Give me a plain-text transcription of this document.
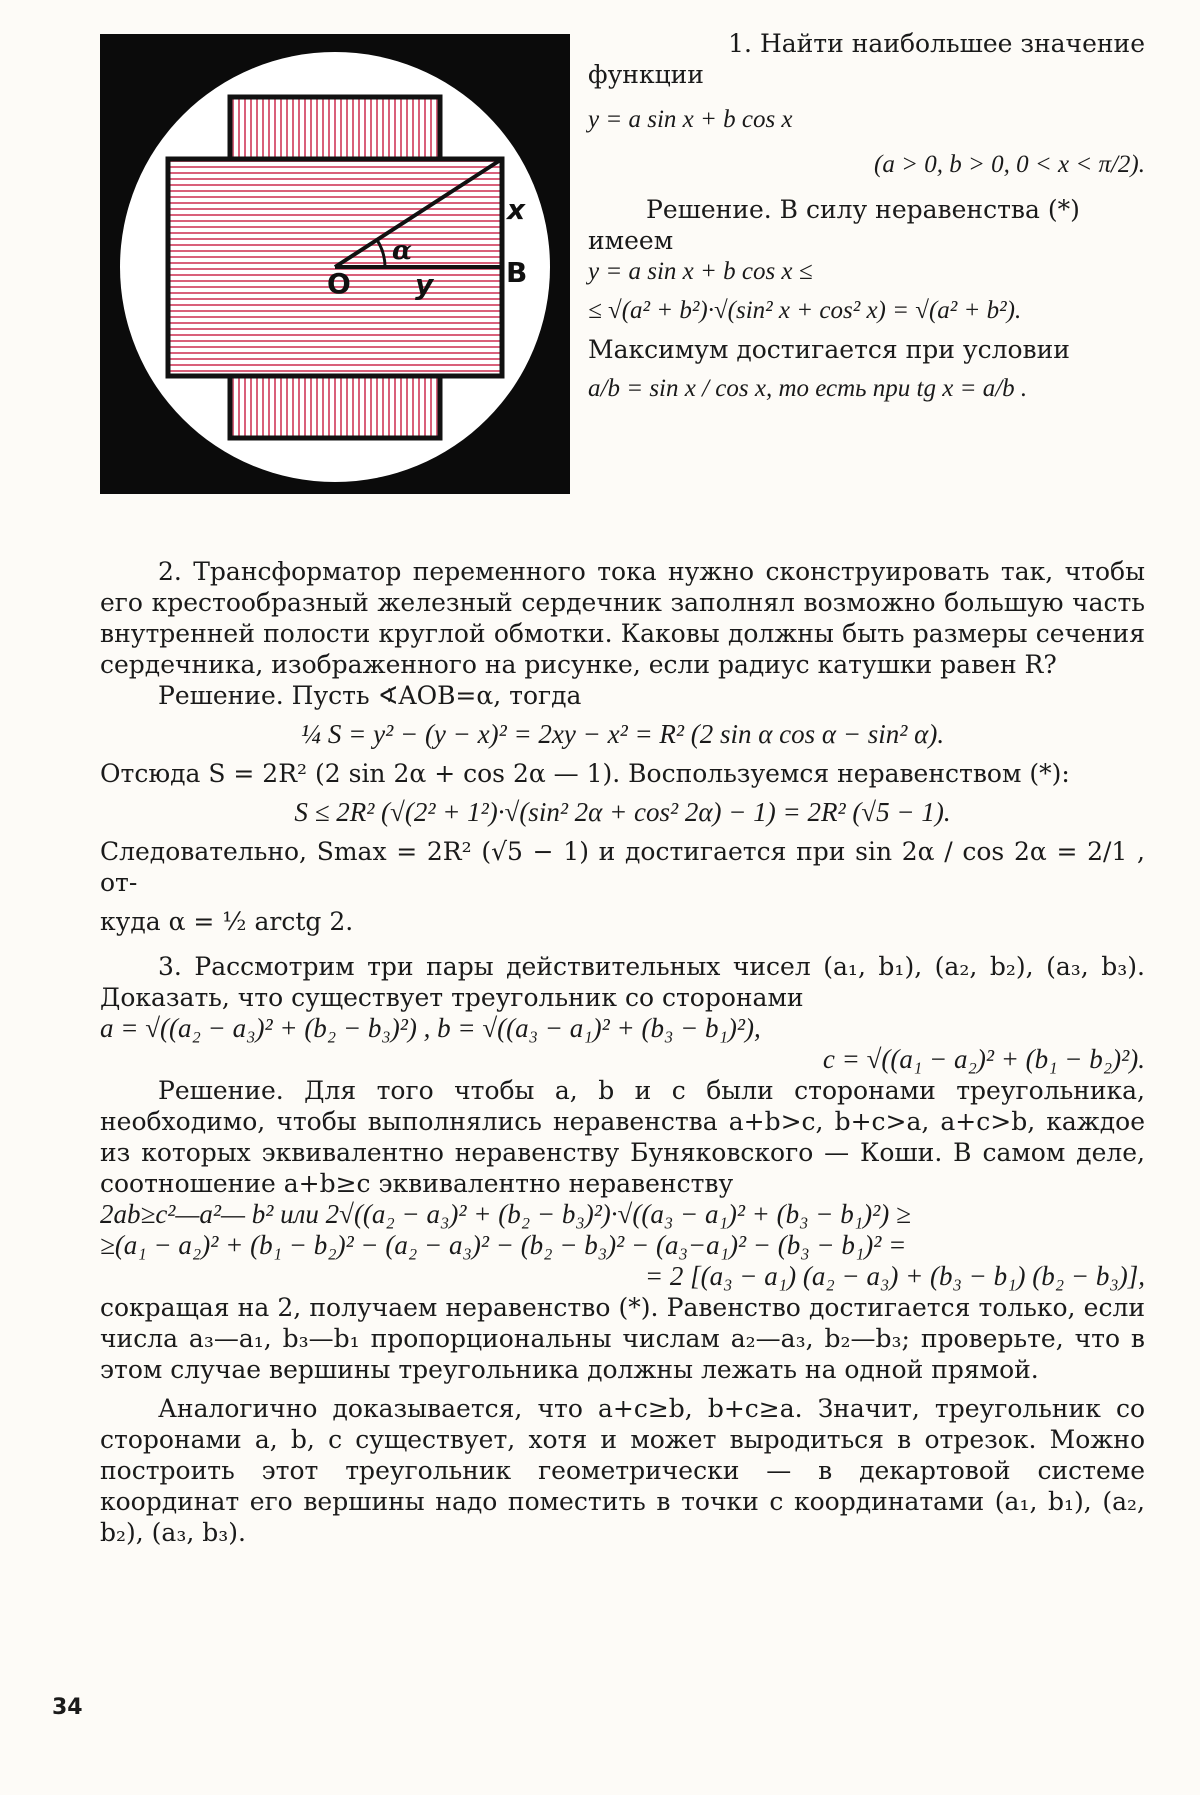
O y
α
x
B

1. Найти наибольшее значение

функции

y = a sin x + b cos x

(a > 0, b > 0, 0 < x < π/2).

Решение. В силу неравенства (*)

имеем

y = a sin x + b cos x ≤

≤ √(a² + b²)·√(sin² x + cos² x) = √(a² + b²).

Максимум достигается при условии

a/b = sin x / cos x, то есть при tg x = a/b .

2. Трансформатор переменного тока нужно сконструировать так, чтобы его крестообразный железный сердечник заполнял возможно большую часть внутренней полости круглой обмотки. Каковы должны быть размеры сечения сердечника, изображенного на рисунке, если радиус катушки равен R?

Решение. Пусть ∢AOB=α, тогда

¼ S = y² − (y − x)² = 2xy − x² = R² (2 sin α cos α − sin² α).

Отсюда S = 2R² (2 sin 2α + cos 2α — 1). Воспользуемся неравенством (*):

S ≤ 2R² (√(2² + 1²)·√(sin² 2α + cos² 2α) − 1) = 2R² (√5 − 1).

Следовательно, Smax = 2R² (√5 − 1) и достигается при sin 2α / cos 2α = 2/1 , от-

куда α = ½ arctg 2.

3. Рассмотрим три пары действительных чисел (a₁, b₁), (a₂, b₂), (a₃, b₃). Доказать, что существует треугольник со сторонами

a = √((a₂ − a₃)² + (b₂ − b₃)²) , b = √((a₃ − a₁)² + (b₃ − b₁)²),

c = √((a₁ − a₂)² + (b₁ − b₂)²).

Решение. Для того чтобы a, b и c были сторонами треугольника, необходимо, чтобы выполнялись неравенства a+b>c, b+c>a, a+c>b, каждое из которых эквивалентно неравенству Буняковского — Коши. В самом деле, соотношение a+b≥c эквивалентно неравенству

2ab≥c²—a²— b² или 2√((a₂ − a₃)² + (b₂ − b₃)²)·√((a₃ − a₁)² + (b₃ − b₁)²) ≥

≥(a₁ − a₂)² + (b₁ − b₂)² − (a₂ − a₃)² − (b₂ − b₃)² − (a₃−a₁)² − (b₃ − b₁)² =

= 2 [(a₃ − a₁) (a₂ − a₃) + (b₃ − b₁) (b₂ − b₃)],

сокращая на 2, получаем неравенство (*). Равенство достигается только, если числа a₃—a₁, b₃—b₁ пропорциональны числам a₂—a₃, b₂—b₃; проверьте, что в этом случае вершины треугольника должны лежать на одной прямой.

Аналогично доказывается, что a+c≥b, b+c≥a. Значит, треугольник со сторонами a, b, c существует, хотя и может выродиться в отрезок. Можно построить этот треугольник геометрически — в декартовой системе координат его вершины надо поместить в точки с координатами (a₁, b₁), (a₂, b₂), (a₃, b₃).

34
